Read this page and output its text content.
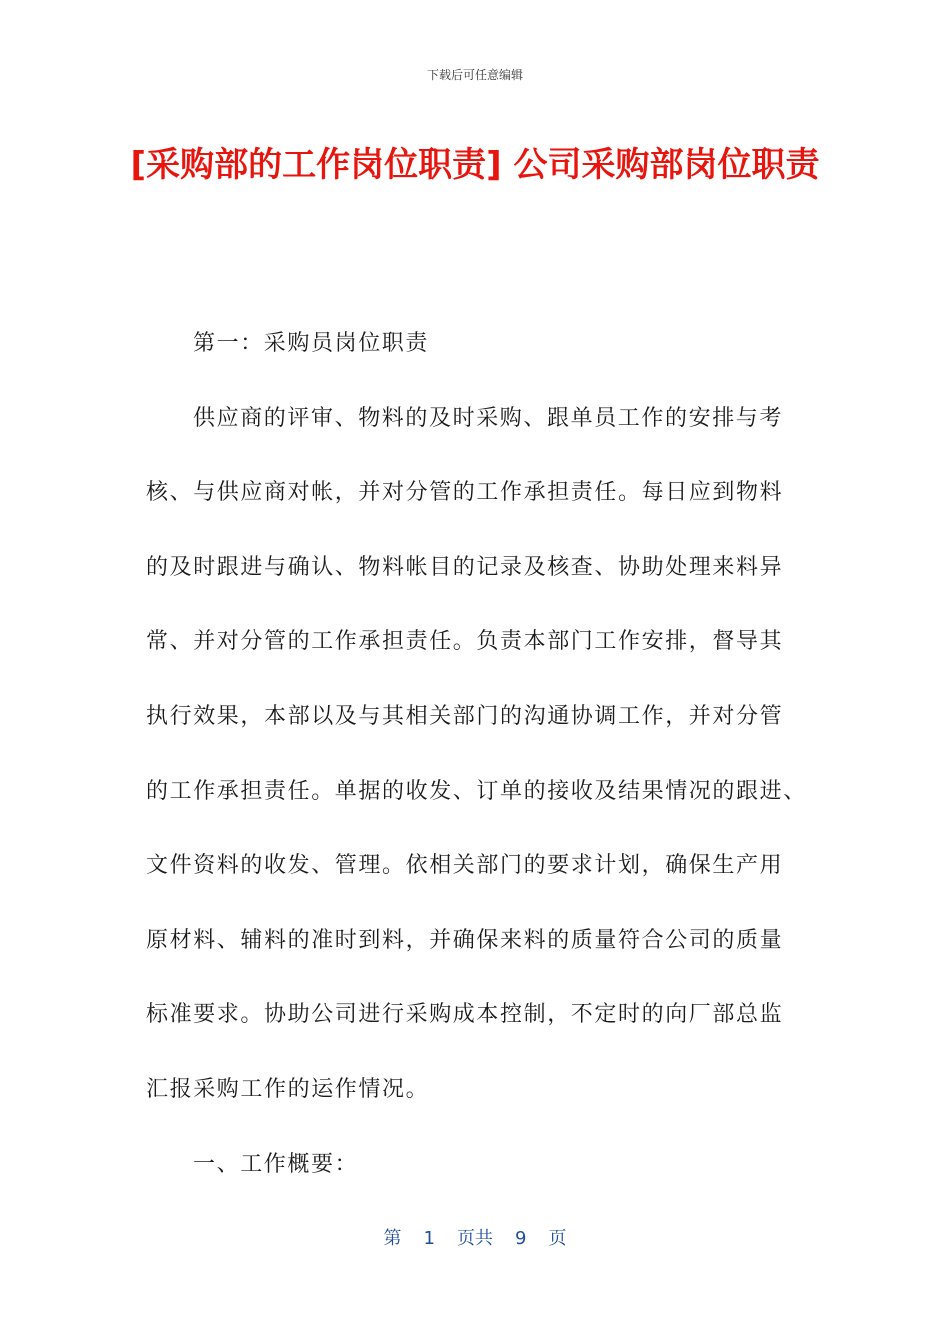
下载后可任意编辑
[采购部的工作岗位职责] 公司采购部岗位职责
第一：采购员岗位职责
供应商的评审、物料的及时采购、跟单员工作的安排与考
核、与供应商对帐，并对分管的工作承担责任。每日应到物料
的及时跟进与确认、物料帐目的记录及核查、协助处理来料异
常、并对分管的工作承担责任。负责本部门工作安排，督导其
执行效果，本部以及与其相关部门的沟通协调工作，并对分管
的工作承担责任。单据的收发、订单的接收及结果情况的跟进、
文件资料的收发、管理。依相关部门的要求计划，确保生产用
原材料、辅料的准时到料，并确保来料的质量符合公司的质量
标准要求。协助公司进行采购成本控制，不定时的向厂部总监
汇报采购工作的运作情况。
一、工作概要：
第 1 页共 9 页
